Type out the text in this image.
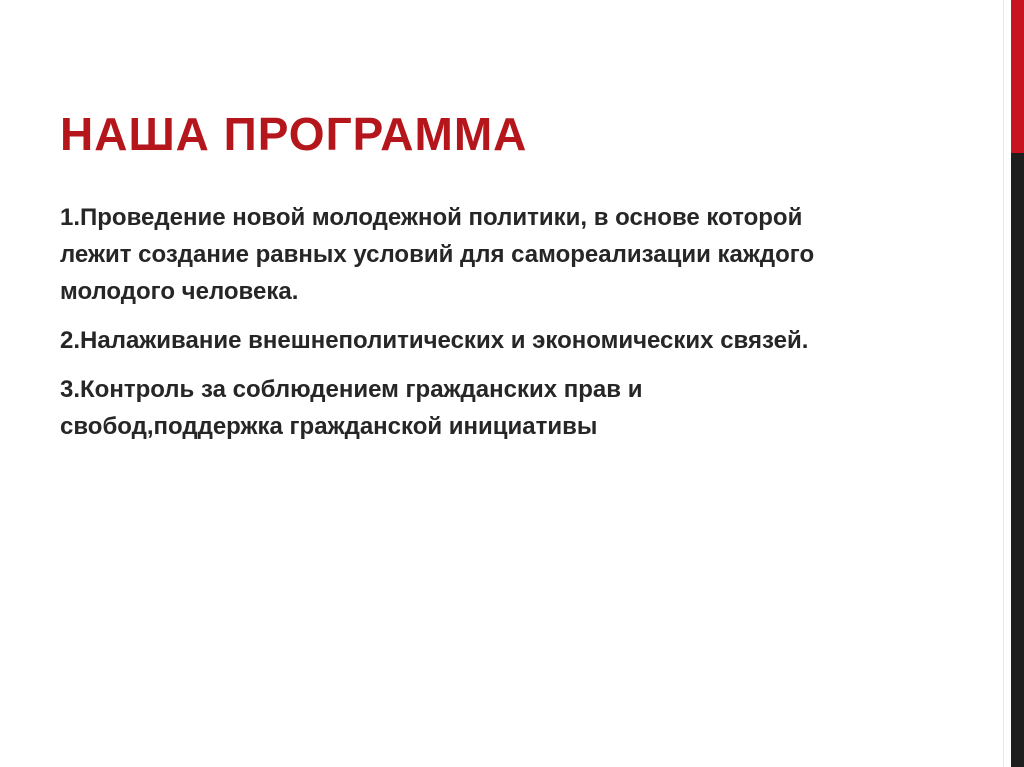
НАША ПРОГРАММА

1.Проведение новой молодежной политики, в основе которой лежит создание равных условий для самореализации каждого молодого человека.

2.Налаживание внешнеполитических и экономических связей.

3.Контроль за соблюдением гражданских прав и свобод,поддержка гражданской инициативы
